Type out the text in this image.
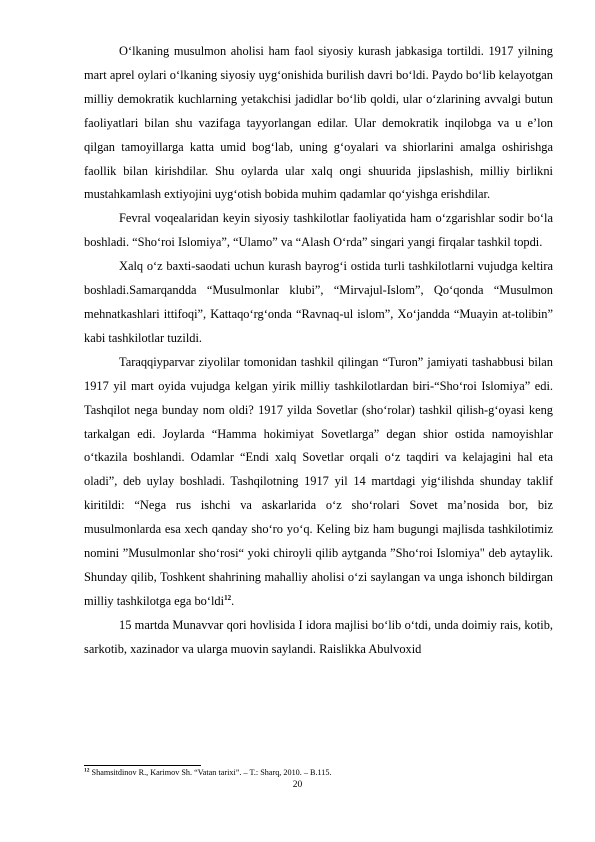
O‘lkaning musulmon aholisi ham faol siyosiy kurash jabkasiga tortildi. 1917 yilning mart aprel oylari o‘lkaning siyosiy uyg‘onishida burilish davri bo‘ldi. Paydo bo‘lib kelayotgan milliy demokratik kuchlarning yetakchisi jadidlar bo‘lib qoldi, ular o‘zlarining avvalgi butun faoliyatlari bilan shu vazifaga tayyorlangan edilar. Ular demokratik inqilobga va u e’lon qilgan tamoyillarga katta umid bog‘lab, uning g‘oyalari va shiorlarini amalga oshirishga faollik bilan kirishdilar. Shu oylarda ular xalq ongi shuurida jipslashish, milliy birlikni mustahkamlash extiyojini uyg‘otish bobida muhim qadamlar qo‘yishga erishdilar.

Fevral voqealaridan keyin siyosiy tashkilotlar faoliyatida ham o‘zgarishlar sodir bo‘la boshladi. “Sho‘roi Islomiya”, “Ulamo” va “Alash O‘rda” singari yangi firqalar tashkil topdi.

Xalq o‘z baxti-saodati uchun kurash bayrog‘i ostida turli tashkilotlarni vujudga keltira boshladi.Samarqandda “Musulmonlar klubi”, “Mirvajul-Islom”, Qo‘qonda “Musulmon mehnatkashlari ittifoqi”, Kattaqo‘rg‘onda “Ravnaq-ul islom”, Xo‘jandda “Muayin at-tolibin” kabi tashkilotlar tuzildi.

Taraqqiyparvar ziyolilar tomonidan tashkil qilingan “Turon” jamiyati tashabbusi bilan 1917 yil mart oyida vujudga kelgan yirik milliy tashkilotlardan biri-“Sho‘roi Islomiya” edi. Tashqilot nega bunday nom oldi? 1917 yilda Sovetlar (sho‘rolar) tashkil qilish-g‘oyasi keng tarkalgan edi. Joylarda “Hamma hokimiyat Sovetlarga” degan shior ostida namoyishlar o‘tkazila boshlandi. Odamlar “Endi xalq Sovetlar orqali o‘z taqdiri va kelajagini hal eta oladi”, deb uylay boshladi. Tashqilotning 1917 yil 14 martdagi yig‘ilishda shunday taklif kiritildi: “Nega rus ishchi va askarlarida o‘z sho‘rolari Sovet ma’nosida bor, biz musulmonlarda esa xech qanday sho‘ro yo‘q. Keling biz ham bugungi majlisda tashkilotimiz nomini ”Musulmonlar sho‘rosi“ yoki chiroyli qilib aytganda ”Sho‘roi Islomiya" deb aytaylik. Shunday qilib, Toshkent shahrining mahalliy aholisi o‘zi saylangan va unga ishonch bildirgan milliy tashkilotga ega bo‘ldi$^{12}$.

15 martda Munavvar qori hovlisida I idora majlisi bo‘lib o‘tdi, unda doimiy rais, kotib, sarkotib, xazinador va ularga muovin saylandi. Raislikka Abulvoxid

$^{12}$ Shamsitdinov R., Karimov Sh. “Vatan tarixi”. – T.: Sharq, 2010. – B.115.
20
